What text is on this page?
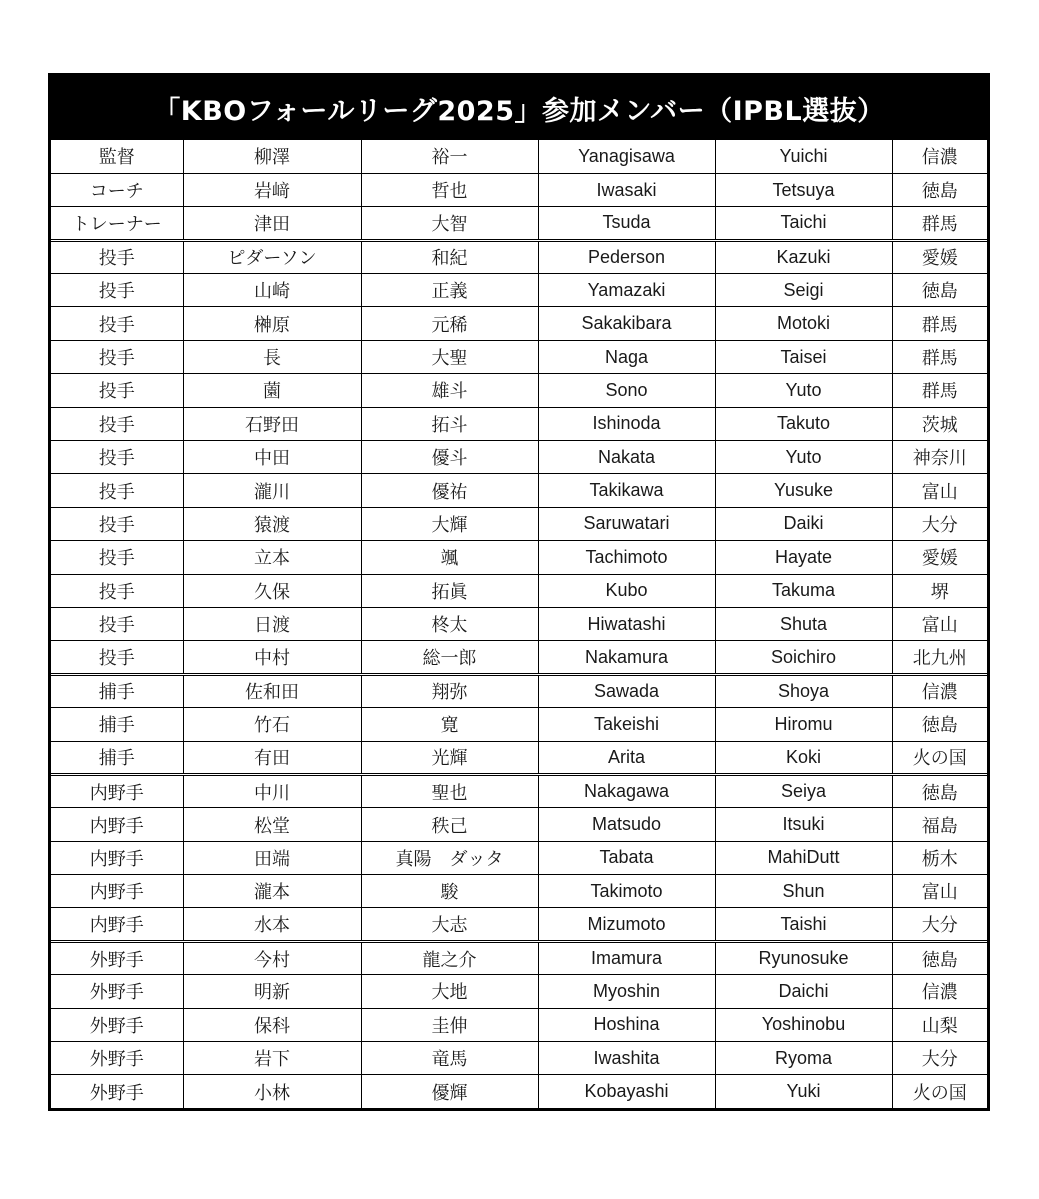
「KBOフォールリーグ2025」参加メンバー（IPBL選抜）
監督	柳澤	裕一	Yanagisawa	Yuichi	信濃
コーチ	岩﨑	哲也	Iwasaki	Tetsuya	徳島
トレーナー	津田	大智	Tsuda	Taichi	群馬
投手	ピダーソン	和紀	Pederson	Kazuki	愛媛
投手	山崎	正義	Yamazaki	Seigi	徳島
投手	榊原	元稀	Sakakibara	Motoki	群馬
投手	長	大聖	Naga	Taisei	群馬
投手	薗	雄斗	Sono	Yuto	群馬
投手	石野田	拓斗	Ishinoda	Takuto	茨城
投手	中田	優斗	Nakata	Yuto	神奈川
投手	瀧川	優祐	Takikawa	Yusuke	富山
投手	猿渡	大輝	Saruwatari	Daiki	大分
投手	立本	颯	Tachimoto	Hayate	愛媛
投手	久保	拓眞	Kubo	Takuma	堺
投手	日渡	柊太	Hiwatashi	Shuta	富山
投手	中村	総一郎	Nakamura	Soichiro	北九州
捕手	佐和田	翔弥	Sawada	Shoya	信濃
捕手	竹石	寛	Takeishi	Hiromu	徳島
捕手	有田	光輝	Arita	Koki	火の国
内野手	中川	聖也	Nakagawa	Seiya	徳島
内野手	松堂	秩己	Matsudo	Itsuki	福島
内野手	田端	真陽　ダッタ	Tabata	MahiDutt	栃木
内野手	瀧本	駿	Takimoto	Shun	富山
内野手	水本	大志	Mizumoto	Taishi	大分
外野手	今村	龍之介	Imamura	Ryunosuke	徳島
外野手	明新	大地	Myoshin	Daichi	信濃
外野手	保科	圭伸	Hoshina	Yoshinobu	山梨
外野手	岩下	竜馬	Iwashita	Ryoma	大分
外野手	小林	優輝	Kobayashi	Yuki	火の国
